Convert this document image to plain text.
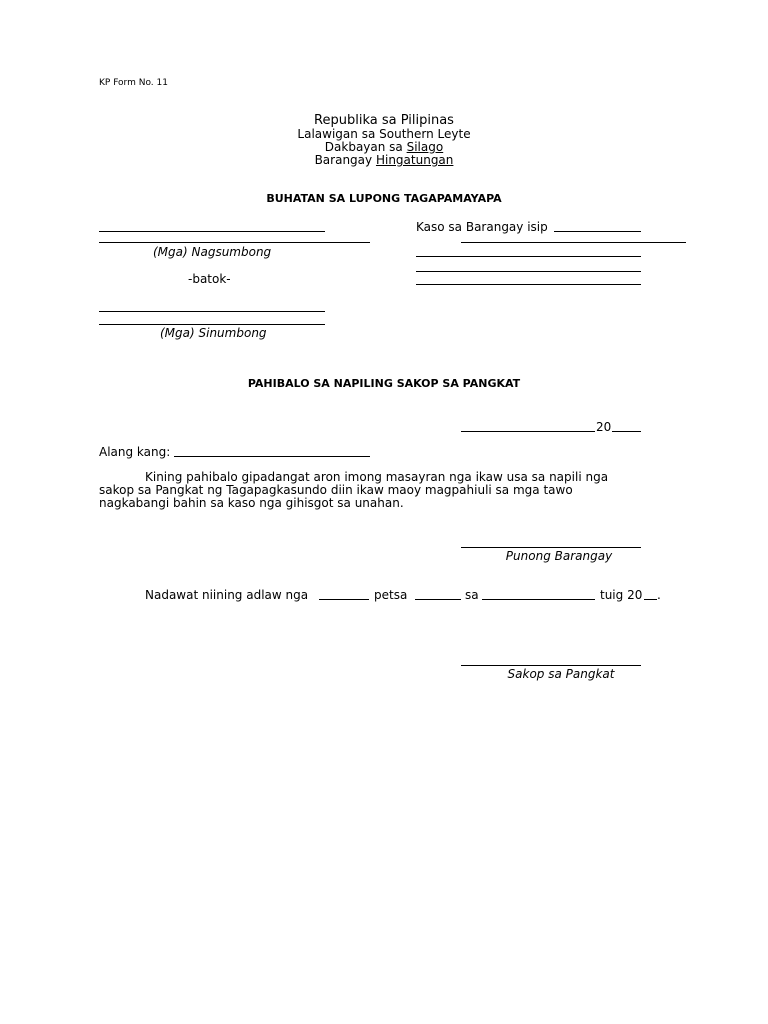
KP Form No. 11
Republika sa Pilipinas
Lalawigan sa Southern Leyte
Dakbayan sa Silago
Barangay Hingatungan
BUHATAN SA LUPONG TAGAPAMAYAPA
(Mga) Nagsumbong
-batok-
(Mga) Sinumbong
Kaso sa Barangay isip
PAHIBALO SA NAPILING SAKOP SA PANGKAT
20
Alang kang:
Kining pahibalo gipadangat aron imong masayran nga ikaw usa sa napili nga
sakop sa Pangkat ng Tagapagkasundo diin ikaw maoy magpahiuli sa mga tawo
nagkabangi bahin sa kaso nga gihisgot sa unahan.
Punong Barangay
Nadawat niining adlaw nga	petsa	sa	tuig 20 .
Sakop sa Pangkat
